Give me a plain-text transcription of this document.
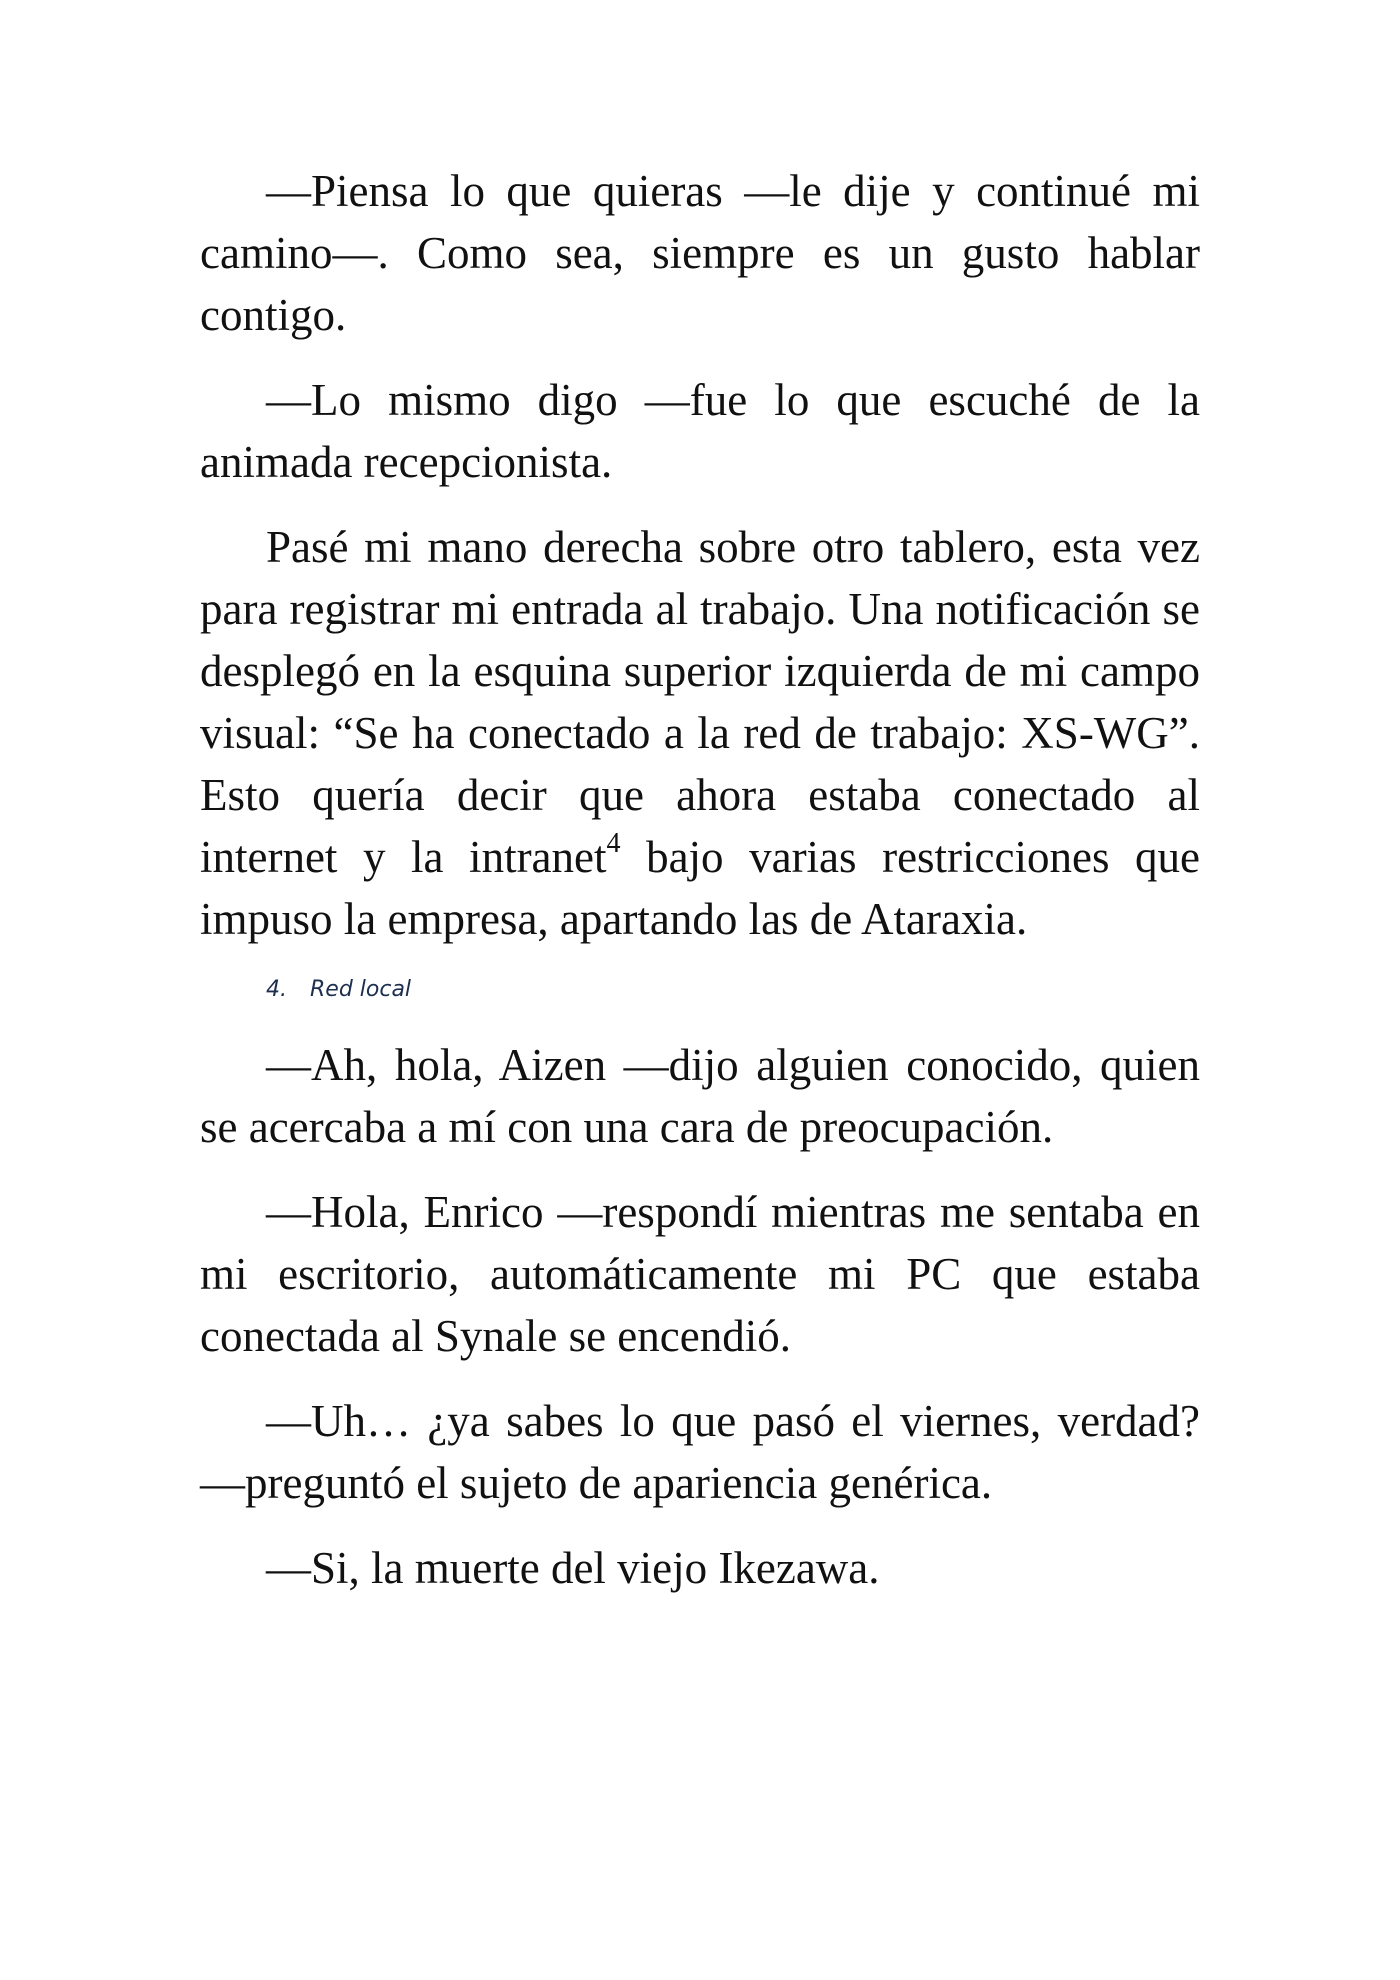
—Piensa lo que quieras —le dije y continué mi camino—. Como sea, siempre es un gusto hablar contigo.

—Lo mismo digo —fue lo que escuché de la animada recepcionista.

Pasé mi mano derecha sobre otro tablero, esta vez para registrar mi entrada al trabajo. Una notificación se desplegó en la esquina superior izquierda de mi campo visual: “Se ha conectado a la red de trabajo: XS-WG”. Esto quería decir que ahora estaba conectado al internet y la intranet$^4$ bajo varias restricciones que impuso la empresa, apartando las de Ataraxia.

4. Red local

—Ah, hola, Aizen —dijo alguien conocido, quien se acercaba a mí con una cara de preocupación.

—Hola, Enrico —respondí mientras me sentaba en mi escritorio, automáticamente mi PC que estaba conectada al Synale se encendió.

—Uh… ¿ya sabes lo que pasó el viernes, verdad? —preguntó el sujeto de apariencia genérica.

—Si, la muerte del viejo Ikezawa.
